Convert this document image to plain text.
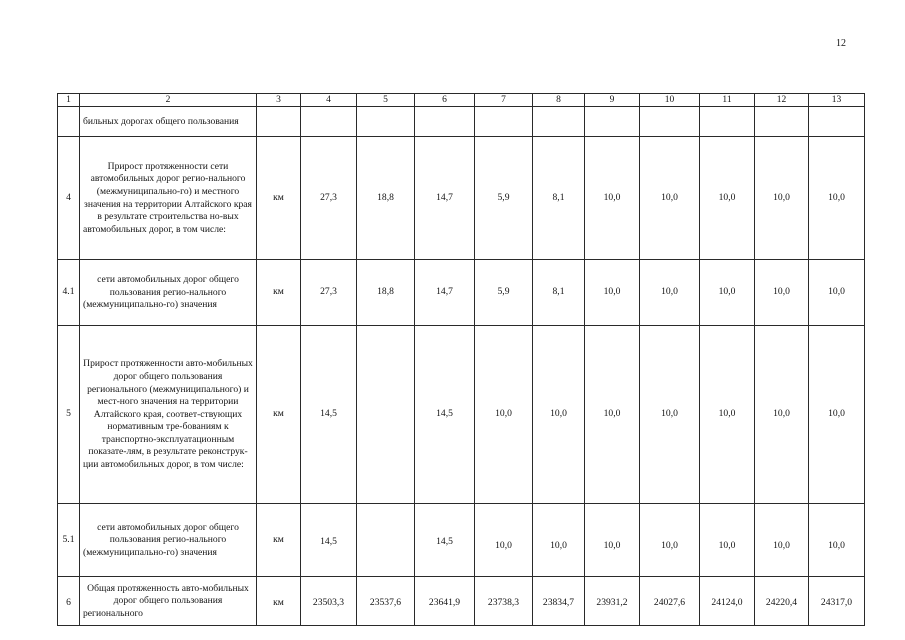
12
1	2	3	4	5	6	7	8	9	10	11	12	13
	бильных дорогах общего пользования											
4	Прирост протяженности сети автомобильных дорог регио-нального (межмуниципально-го) и местного значения на территории Алтайского края в результате строительства но-вых автомобильных дорог, в том числе:	км	27,3	18,8	14,7	5,9	8,1	10,0	10,0	10,0	10,0	10,0
4.1	сети автомобильных дорог общего пользования регио-нального (межмуниципально-го) значения	км	27,3	18,8	14,7	5,9	8,1	10,0	10,0	10,0	10,0	10,0
5	Прирост протяженности авто-мобильных дорог общего пользования регионального (межмуниципального) и мест-ного значения на территории Алтайского края, соответ-ствующих нормативным тре-бованиям к транспортно-эксплуатационным показате-лям, в результате реконструк-ции автомобильных дорог, в том числе:	км	14,5		14,5	10,0	10,0	10,0	10,0	10,0	10,0	10,0
5.1	сети автомобильных дорог общего пользования регио-нального (межмуниципально-го) значения	км	14,5		14,5	10,0	10,0	10,0	10,0	10,0	10,0	10,0
6	Общая протяженность авто-мобильных дорог общего пользования регионального	км	23503,3	23537,6	23641,9	23738,3	23834,7	23931,2	24027,6	24124,0	24220,4	24317,0
